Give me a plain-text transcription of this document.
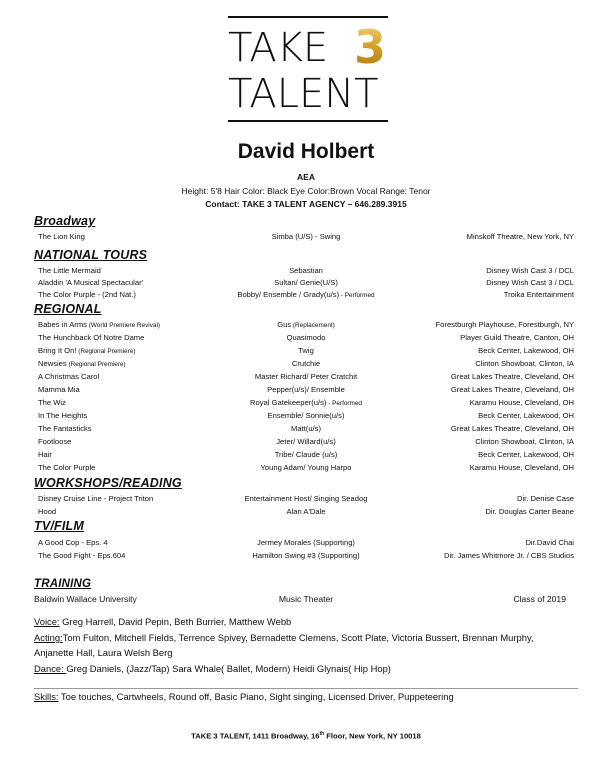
TAKE 3
TALENT
David Holbert
AEA
Height: 5'8 Hair Color: Black Eye Color:Brown Vocal Range: Tenor
Contact: TAKE 3 TALENT AGENCY – 646.289.3915
Broadway
The Lion King	Simba (U/S) - Swing	Minskoff Theatre, New York, NY
NATIONAL TOURS
The Little Mermaid	Sebastian	Disney Wish Cast 3 / DCL
Aladdin 'A Musical Spectacular'	Sultan/ Genie(U/S)	Disney Wish Cast 3 / DCL
The Color Purple - (2nd Nat.)	Bobby/ Ensemble / Grady(u/s) - Performed	Troika Entertainment
REGIONAL
Babes in Arms (World Premiere Revival)	Gus (Replacement)	Forestburgh Playhouse, Forestburgh, NY
The Hunchback Of Notre Dame	Quasimodo	Player Guild Theatre, Canton, OH
Bring It On! (Regional Premiere)	Twig	Beck Center, Lakewood, OH
Newsies (Regional Premiere)	Crutchie	Clinton Showboat, Clinton, IA
A Christmas Carol	Master Richard/ Peter Cratchit	Great Lakes Theatre, Cleveland, OH
Mamma Mia	Pepper(u/s)/ Ensemble	Great Lakes Theatre, Cleveland, OH
The Wiz	Royal Gatekeeper(u/s) - Performed	Karamu House, Cleveland, OH
In The Heights	Ensemble/ Sonnie(u/s)	Beck Center, Lakewood, OH
The Fantasticks	Matt(u/s)	Great Lakes Theatre, Cleveland, OH
Footloose	Jeter/ Willard(u/s)	Clinton Showboat, Clinton, IA
Hair	Tribe/ Claude (u/s)	Beck Center, Lakewood, OH
The Color Purple	Young Adam/ Young Harpo	Karamu House, Cleveland, OH
WORKSHOPS/READING
Disney Cruise Line - Project Triton	Entertainment Host/ Singing Seadog	Dir. Denise Case
Hood	Alan A'Dale	Dir. Douglas Carter Beane
TV/FILM
A Good Cop - Eps. 4	Jermey Morales (Supporting)	Dir.David Chai
The Good Fight - Eps.604	Hamilton Swing #3 (Supporting)	Dir. James Whitmore Jr. / CBS Studios
TRAINING
Baldwin Wallace University	Music Theater	Class of 2019
Voice: Greg Harrell, David Pepin, Beth Burrier, Matthew Webb
Acting:Tom Fulton, Mitchell Fields, Terrence Spivey, Bernadette Clemens, Scott Plate, Victoria Bussert, Brennan Murphy,
Anjanette Hall, Laura Welsh Berg
Dance: Greg Daniels, (Jazz/Tap) Sara Whale( Ballet, Modern) Heidi Glynais( Hip Hop)
Skills: Toe touches, Cartwheels, Round off, Basic Piano, Sight singing, Licensed Driver, Puppeteering
TAKE 3 TALENT, 1411 Broadway, 16th Floor, New York, NY 10018
